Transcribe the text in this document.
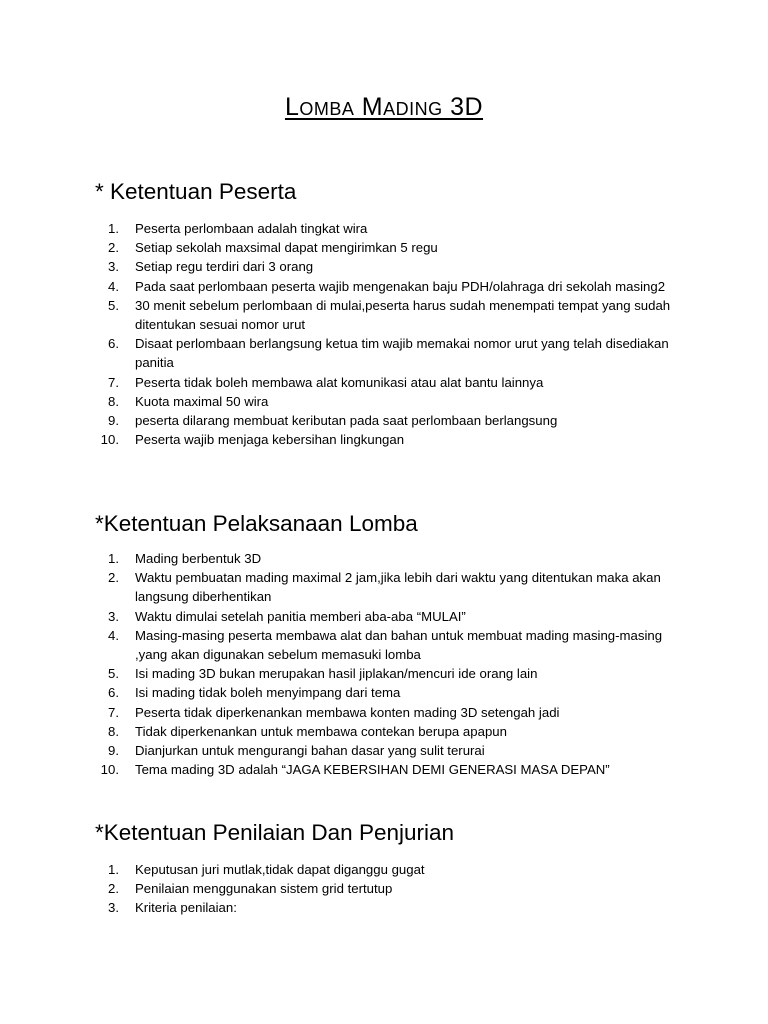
Lomba Mading 3D
* Ketentuan Peserta
1.	Peserta perlombaan adalah tingkat wira
2.	Setiap sekolah maxsimal dapat mengirimkan 5 regu
3.	Setiap regu terdiri dari 3 orang
4.	Pada saat perlombaan peserta wajib mengenakan baju PDH/olahraga dri sekolah masing2
5.	30 menit sebelum perlombaan di mulai,peserta harus sudah menempati tempat yang sudah ditentukan sesuai nomor urut
6.	Disaat perlombaan berlangsung ketua tim wajib memakai nomor urut yang telah disediakan panitia
7.	Peserta tidak boleh membawa alat komunikasi atau alat bantu lainnya
8.	Kuota maximal 50 wira
9.	peserta dilarang membuat keributan pada saat perlombaan berlangsung
10.	Peserta wajib menjaga kebersihan lingkungan
*Ketentuan Pelaksanaan Lomba
1.	Mading berbentuk 3D
2.	Waktu pembuatan mading maximal 2 jam,jika lebih dari waktu yang ditentukan maka akan langsung diberhentikan
3.	Waktu dimulai setelah panitia memberi aba-aba “MULAI”
4.	Masing-masing peserta membawa alat dan bahan untuk membuat mading masing-masing ,yang akan digunakan sebelum memasuki lomba
5.	Isi mading 3D bukan merupakan hasil jiplakan/mencuri ide orang lain
6.	Isi mading tidak boleh menyimpang dari tema
7.	Peserta tidak diperkenankan membawa konten mading 3D setengah jadi
8.	Tidak diperkenankan untuk membawa contekan berupa apapun
9.	Dianjurkan untuk mengurangi bahan dasar yang sulit terurai
10.	Tema mading 3D adalah “JAGA KEBERSIHAN DEMI GENERASI MASA DEPAN”
*Ketentuan Penilaian Dan Penjurian
1.	Keputusan juri mutlak,tidak dapat diganggu gugat
2.	Penilaian menggunakan sistem grid tertutup
3.	Kriteria penilaian:
